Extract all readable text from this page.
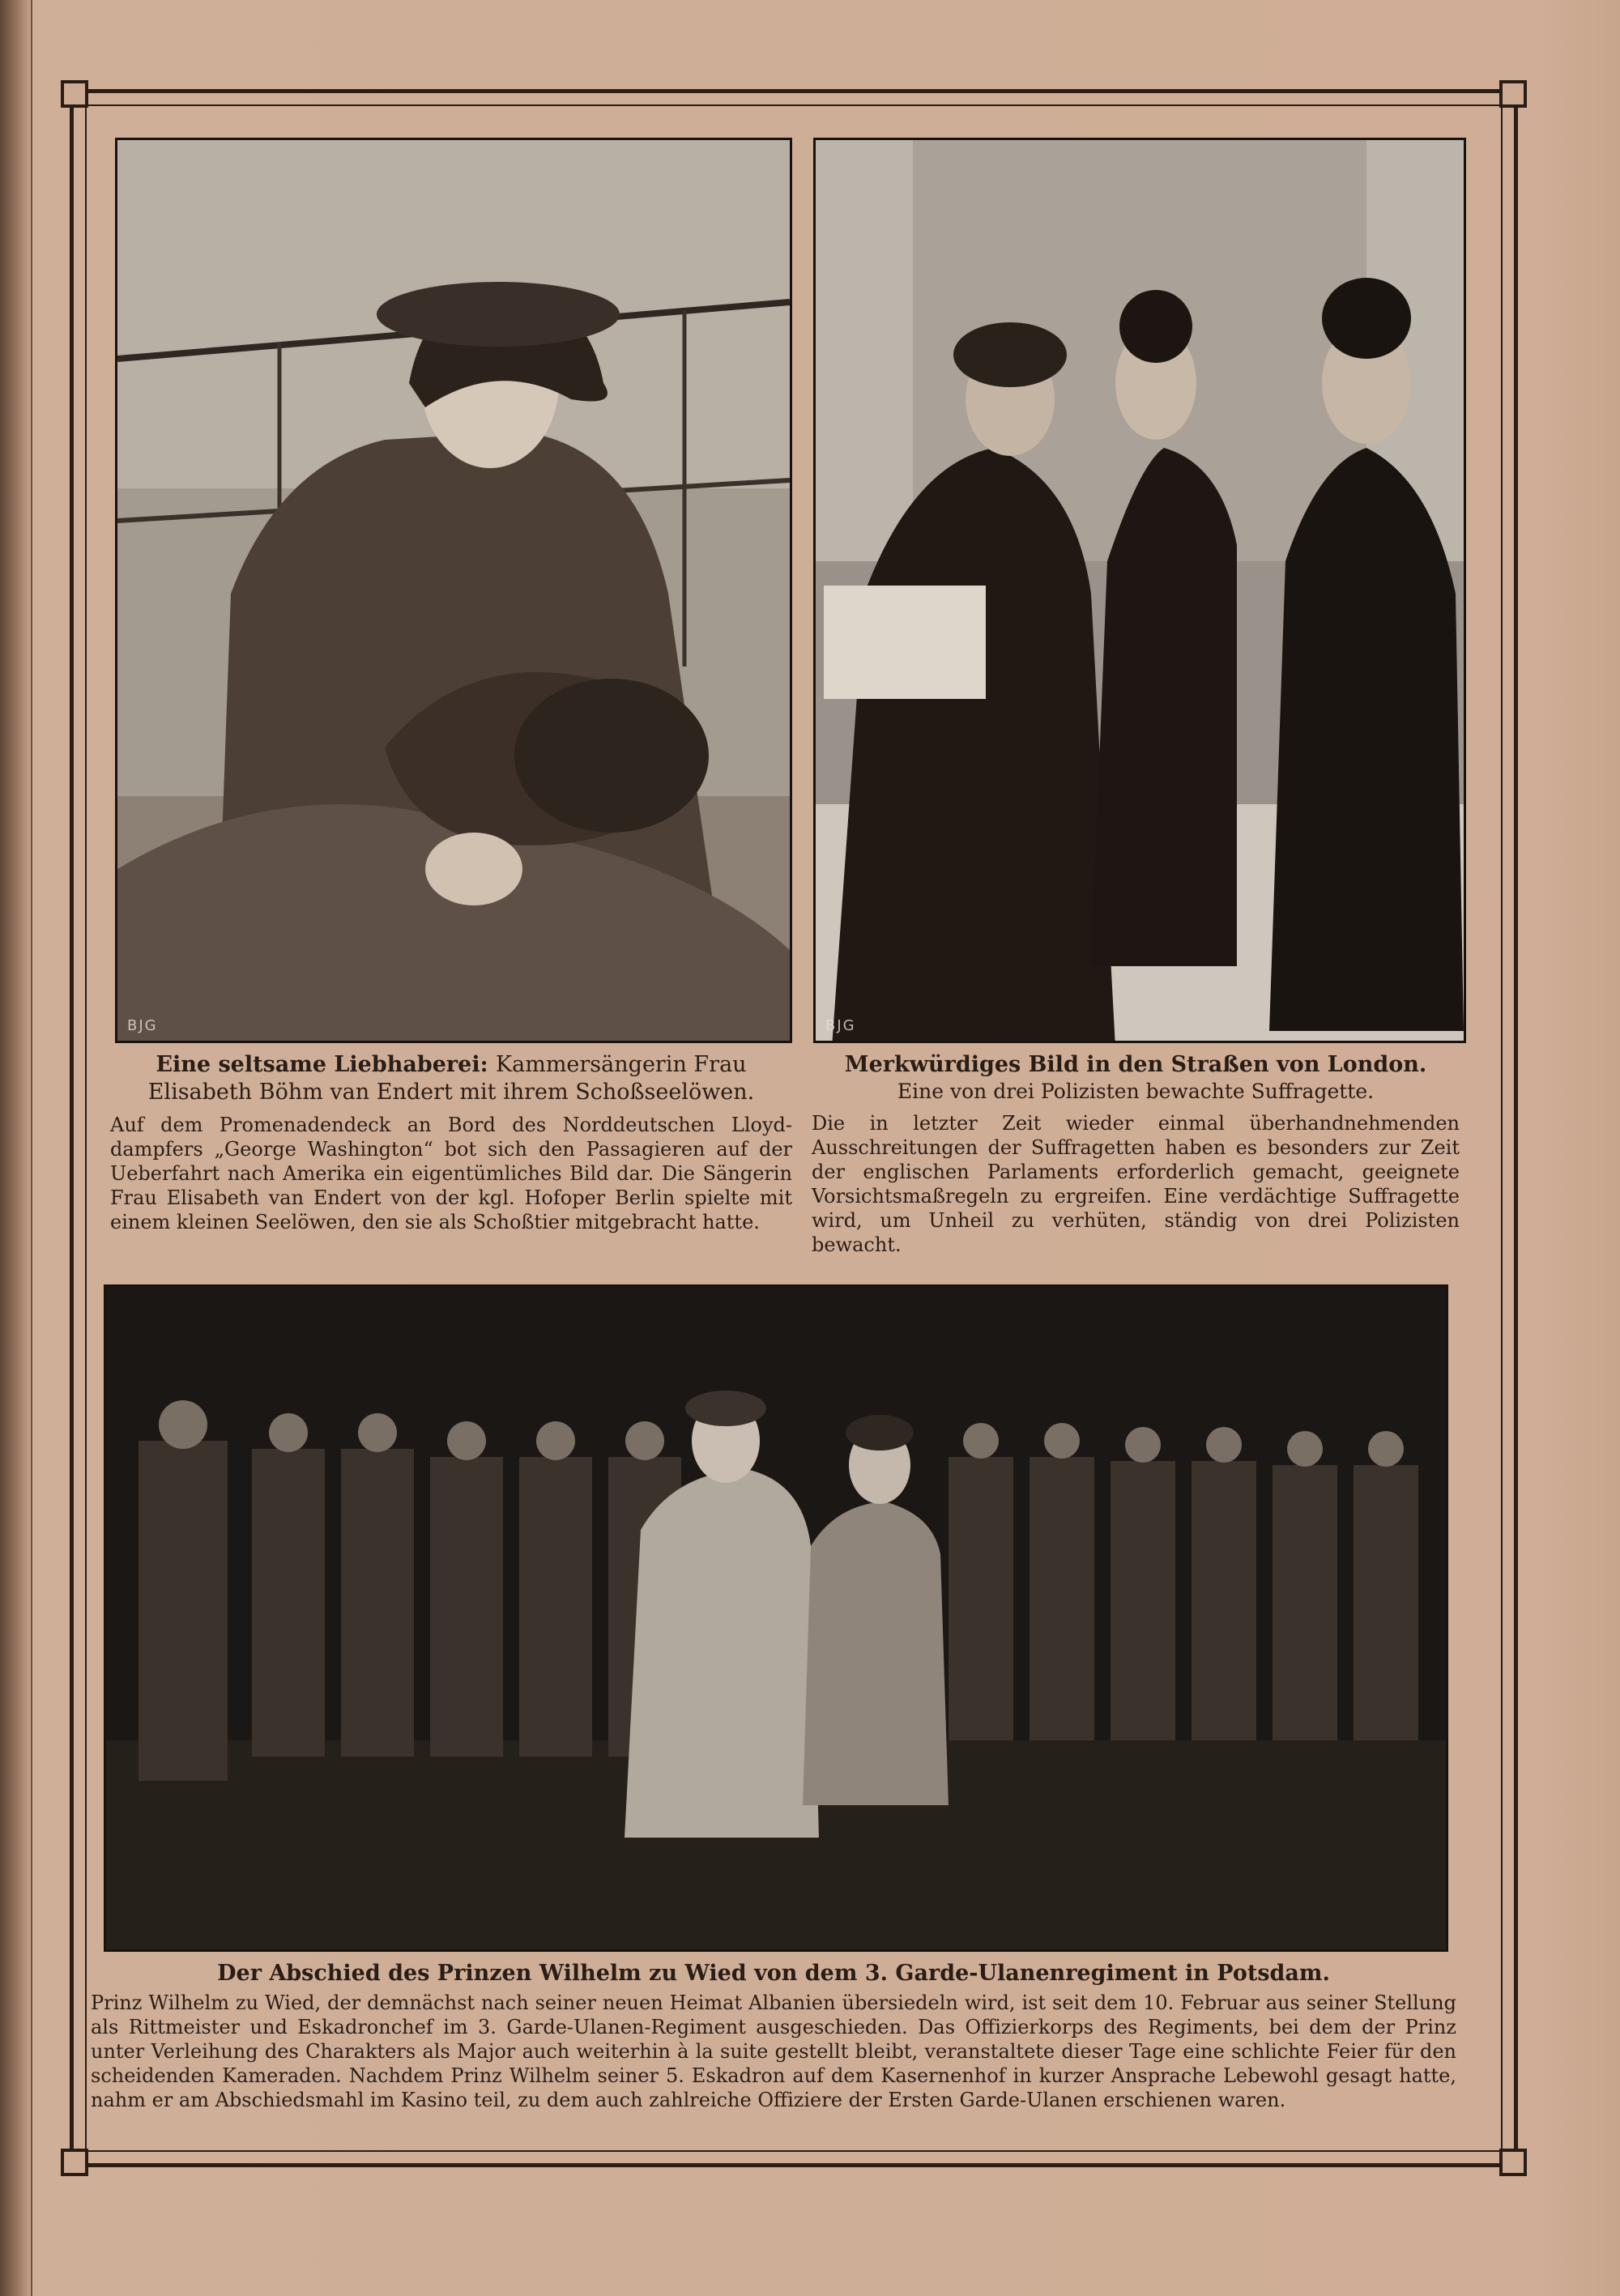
BJG	BJG

Eine seltsame Liebhaberei: Kammersängerin Frau Elisabeth Böhm van Endert mit ihrem Schoßseelöwen.

Auf dem Promenadendeck an Bord des Norddeutschen Lloyd-dampfers „George Washington“ bot sich den Passagieren auf der Ueberfahrt nach Amerika ein eigentümliches Bild dar. Die Sängerin Frau Elisabeth van Endert von der kgl. Hofoper Berlin spielte mit einem kleinen Seelöwen, den sie als Schoßtier mitgebracht hatte.

Merkwürdiges Bild in den Straßen von London.

Eine von drei Polizisten bewachte Suffragette.

Die in letzter Zeit wieder einmal überhandnehmenden Ausschreitungen der Suffragetten haben es besonders zur Zeit der englischen Parlaments erforderlich gemacht, geeignete Vorsichtsmaßregeln zu ergreifen. Eine verdächtige Suffragette wird, um Unheil zu verhüten, ständig von drei Polizisten bewacht.

Der Abschied des Prinzen Wilhelm zu Wied von dem 3. Garde-Ulanenregiment in Potsdam.

Prinz Wilhelm zu Wied, der demnächst nach seiner neuen Heimat Albanien übersiedeln wird, ist seit dem 10. Februar aus seiner Stellung als Rittmeister und Eskadronchef im 3. Garde-Ulanen-Regiment ausgeschieden. Das Offizierkorps des Regiments, bei dem der Prinz unter Verleihung des Charakters als Major auch weiterhin à la suite gestellt bleibt, veranstaltete dieser Tage eine schlichte Feier für den scheidenden Kameraden. Nachdem Prinz Wilhelm seiner 5. Eskadron auf dem Kasernenhof in kurzer Ansprache Lebewohl gesagt hatte, nahm er am Abschiedsmahl im Kasino teil, zu dem auch zahlreiche Offiziere der Ersten Garde-Ulanen erschienen waren.
